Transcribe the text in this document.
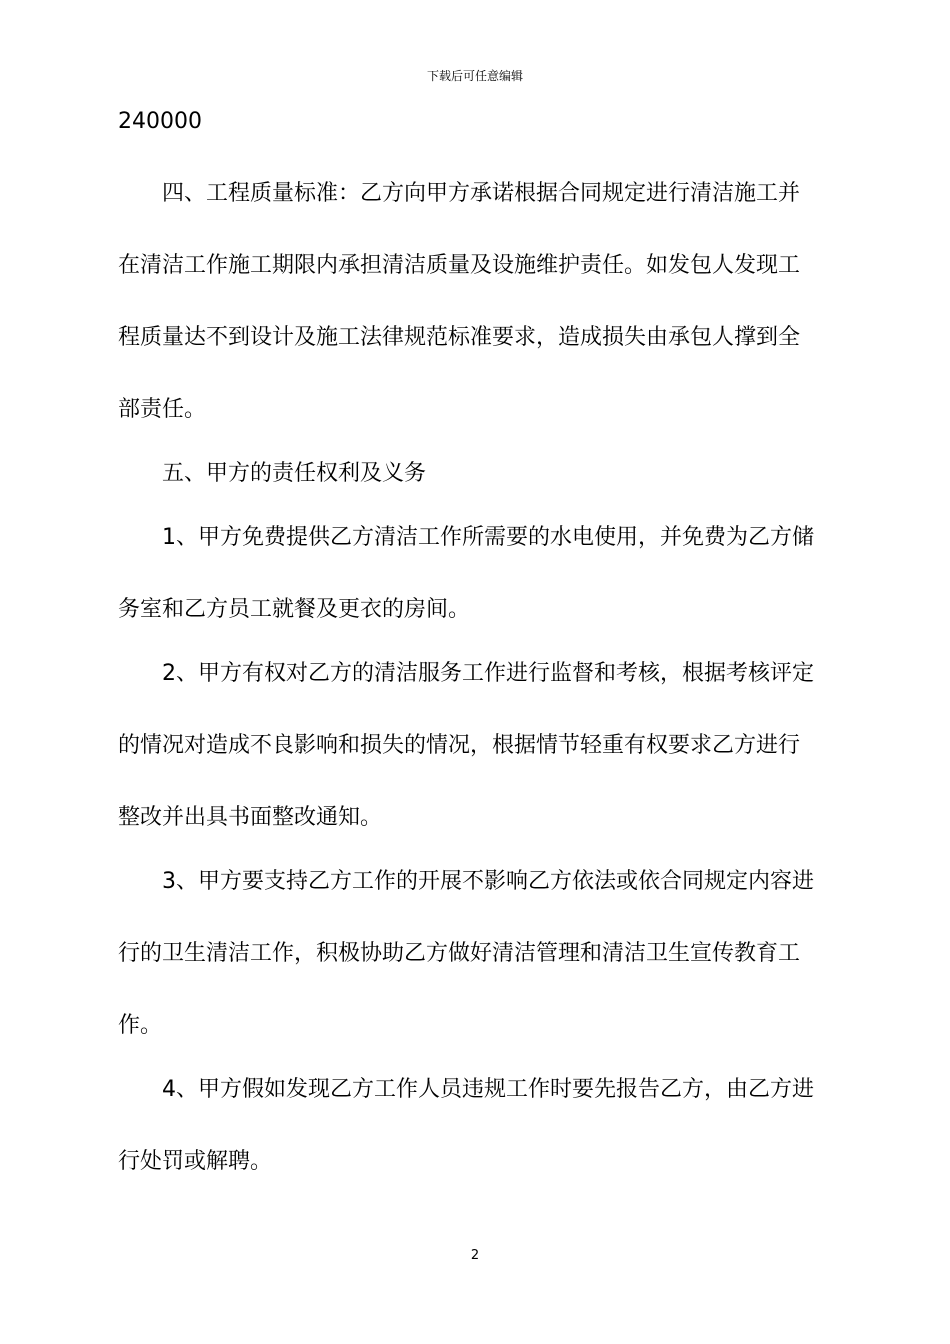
下载后可任意编辑
240000
四、工程质量标准：乙方向甲方承诺根据合同规定进行清洁施工并
在清洁工作施工期限内承担清洁质量及设施维护责任。如发包人发现工
程质量达不到设计及施工法律规范标准要求，造成损失由承包人撑到全
部责任。
五、甲方的责任权利及义务
1、甲方免费提供乙方清洁工作所需要的水电使用，并免费为乙方储
务室和乙方员工就餐及更衣的房间。
2、甲方有权对乙方的清洁服务工作进行监督和考核，根据考核评定
的情况对造成不良影响和损失的情况，根据情节轻重有权要求乙方进行
整改并出具书面整改通知。
3、甲方要支持乙方工作的开展不影响乙方依法或依合同规定内容进
行的卫生清洁工作，积极协助乙方做好清洁管理和清洁卫生宣传教育工
作。
4、甲方假如发现乙方工作人员违规工作时要先报告乙方，由乙方进
行处罚或解聘。
2
